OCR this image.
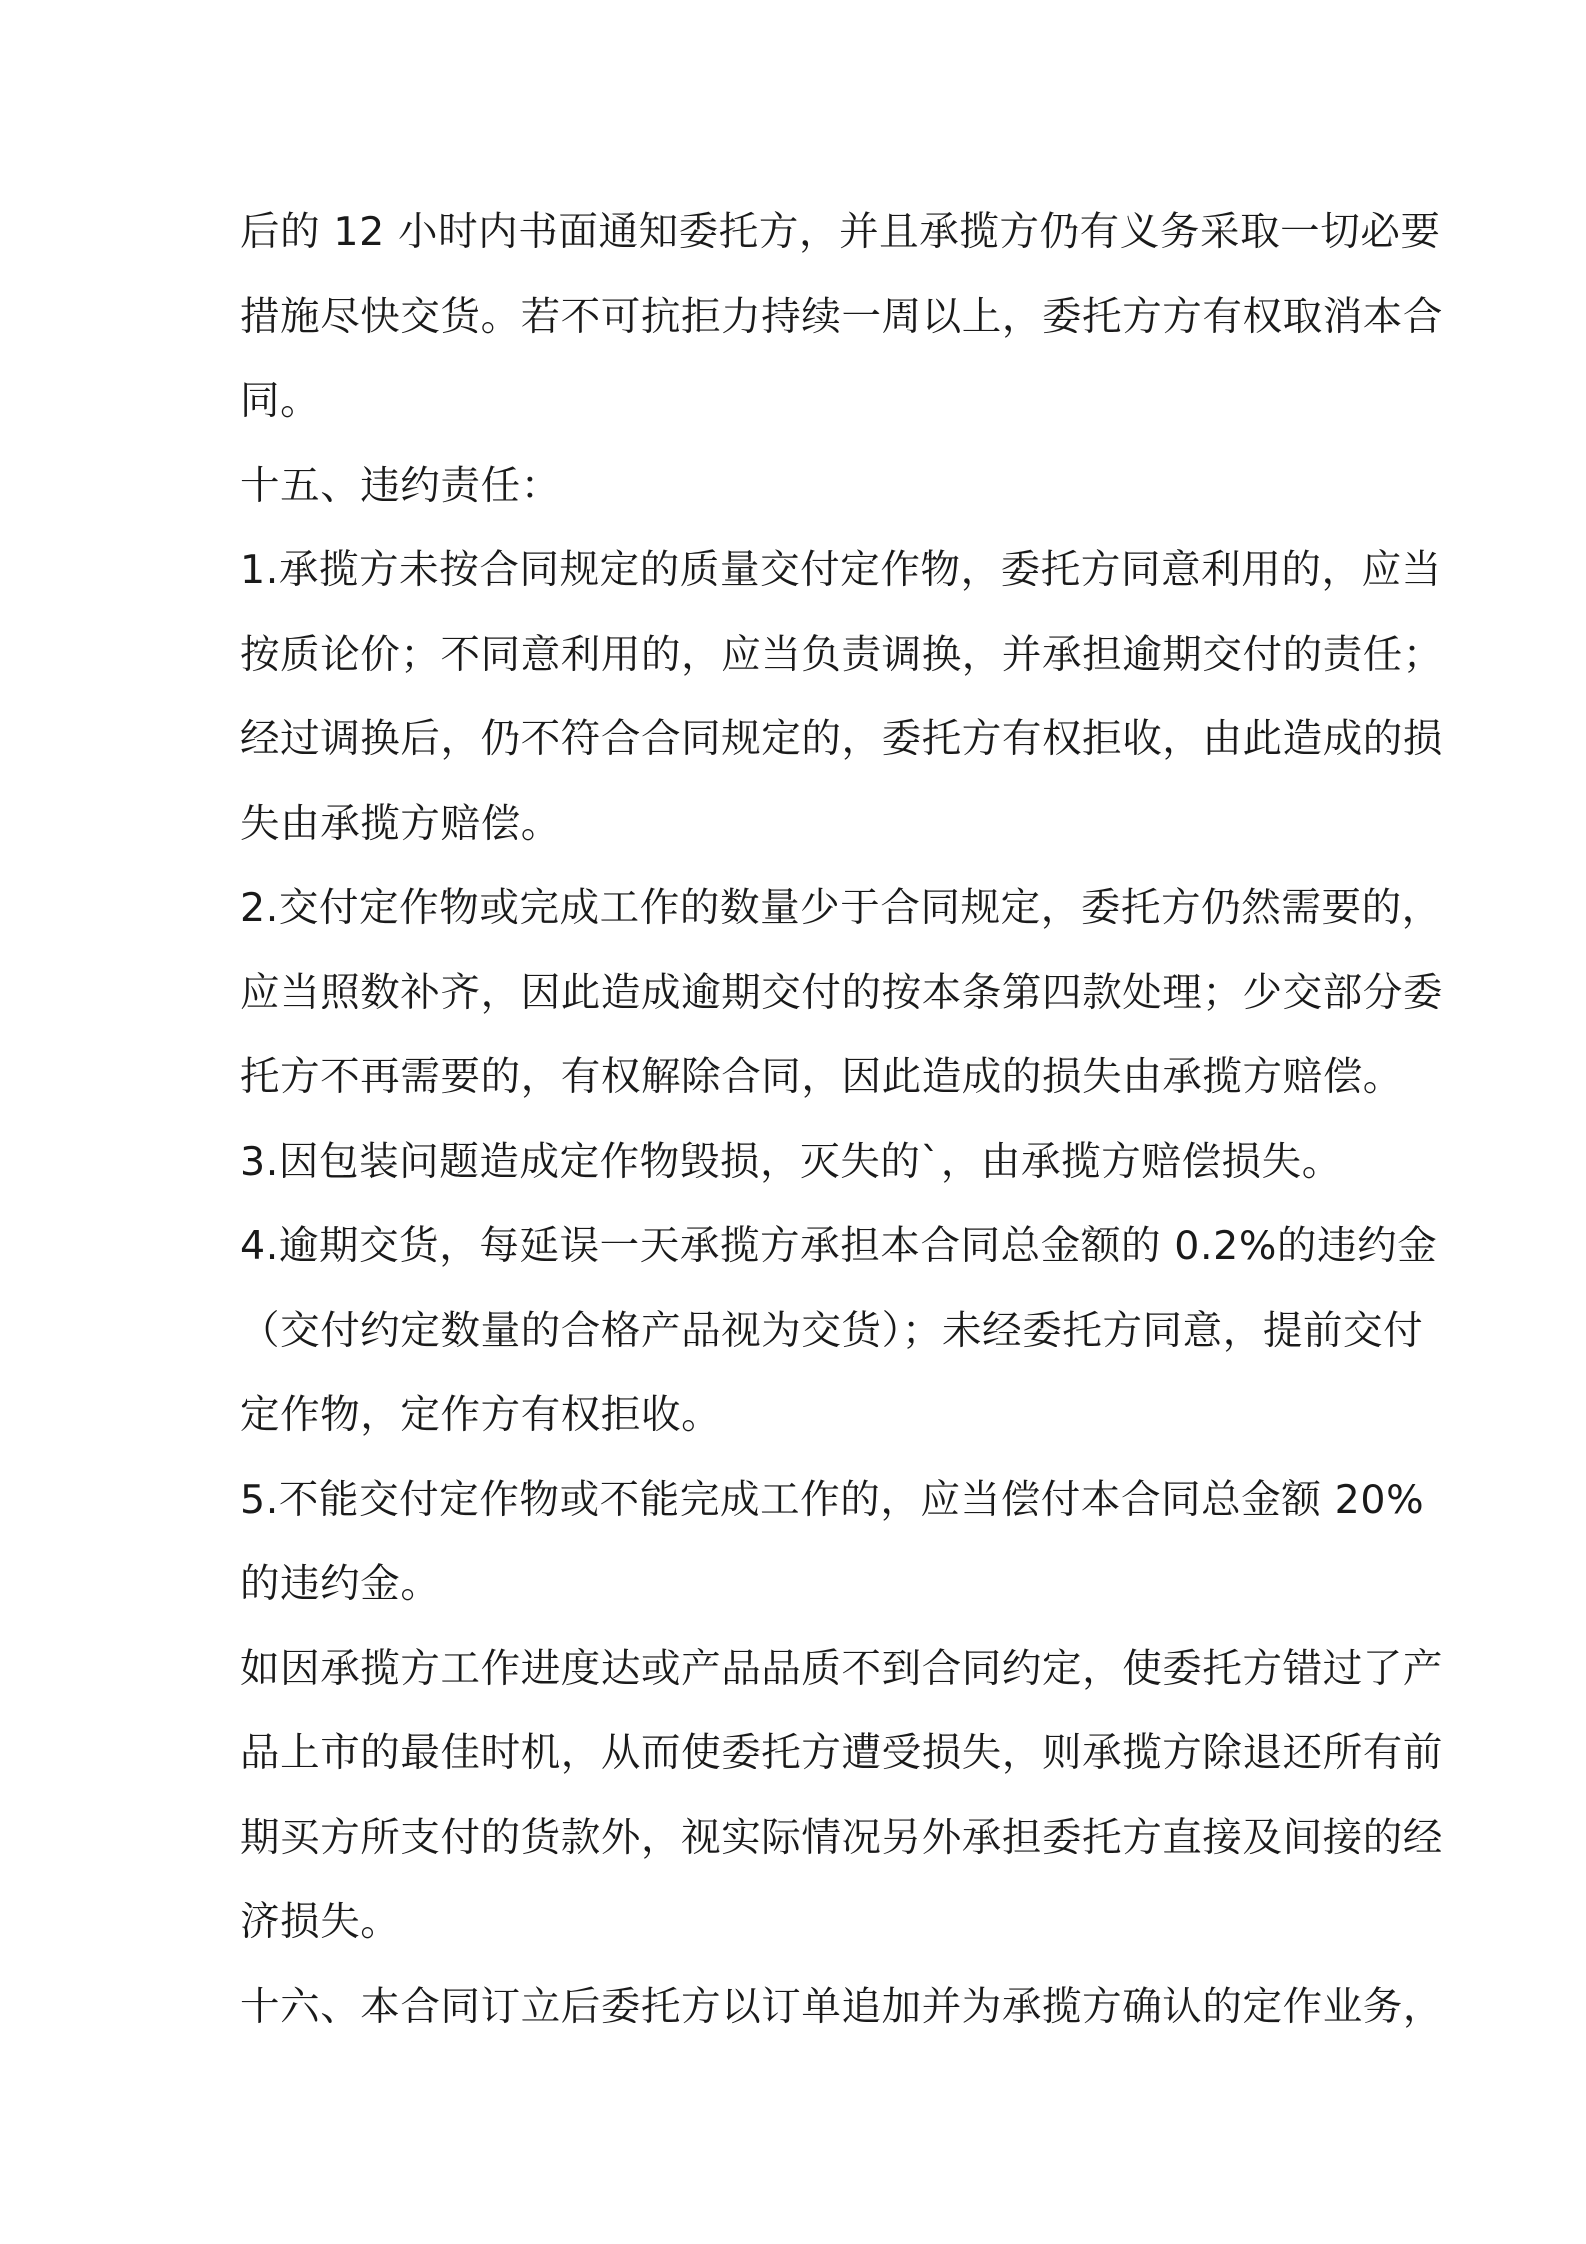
后的 12 小时内书面通知委托方，并且承揽方仍有义务采取一切必要
措施尽快交货。若不可抗拒力持续一周以上，委托方方有权取消本合
同。
十五、违约责任：
1.承揽方未按合同规定的质量交付定作物，委托方同意利用的，应当
按质论价；不同意利用的，应当负责调换，并承担逾期交付的责任；
经过调换后，仍不符合合同规定的，委托方有权拒收，由此造成的损
失由承揽方赔偿。
2.交付定作物或完成工作的数量少于合同规定，委托方仍然需要的，
应当照数补齐，因此造成逾期交付的按本条第四款处理；少交部分委
托方不再需要的，有权解除合同，因此造成的损失由承揽方赔偿。
3.因包装问题造成定作物毁损，灭失的`，由承揽方赔偿损失。
4.逾期交货，每延误一天承揽方承担本合同总金额的 0.2%的违约金
（交付约定数量的合格产品视为交货）；未经委托方同意，提前交付
定作物，定作方有权拒收。
5.不能交付定作物或不能完成工作的，应当偿付本合同总金额 20%
的违约金。
如因承揽方工作进度达或产品品质不到合同约定，使委托方错过了产
品上市的最佳时机，从而使委托方遭受损失，则承揽方除退还所有前
期买方所支付的货款外，视实际情况另外承担委托方直接及间接的经
济损失。
十六、本合同订立后委托方以订单追加并为承揽方确认的定作业务，
